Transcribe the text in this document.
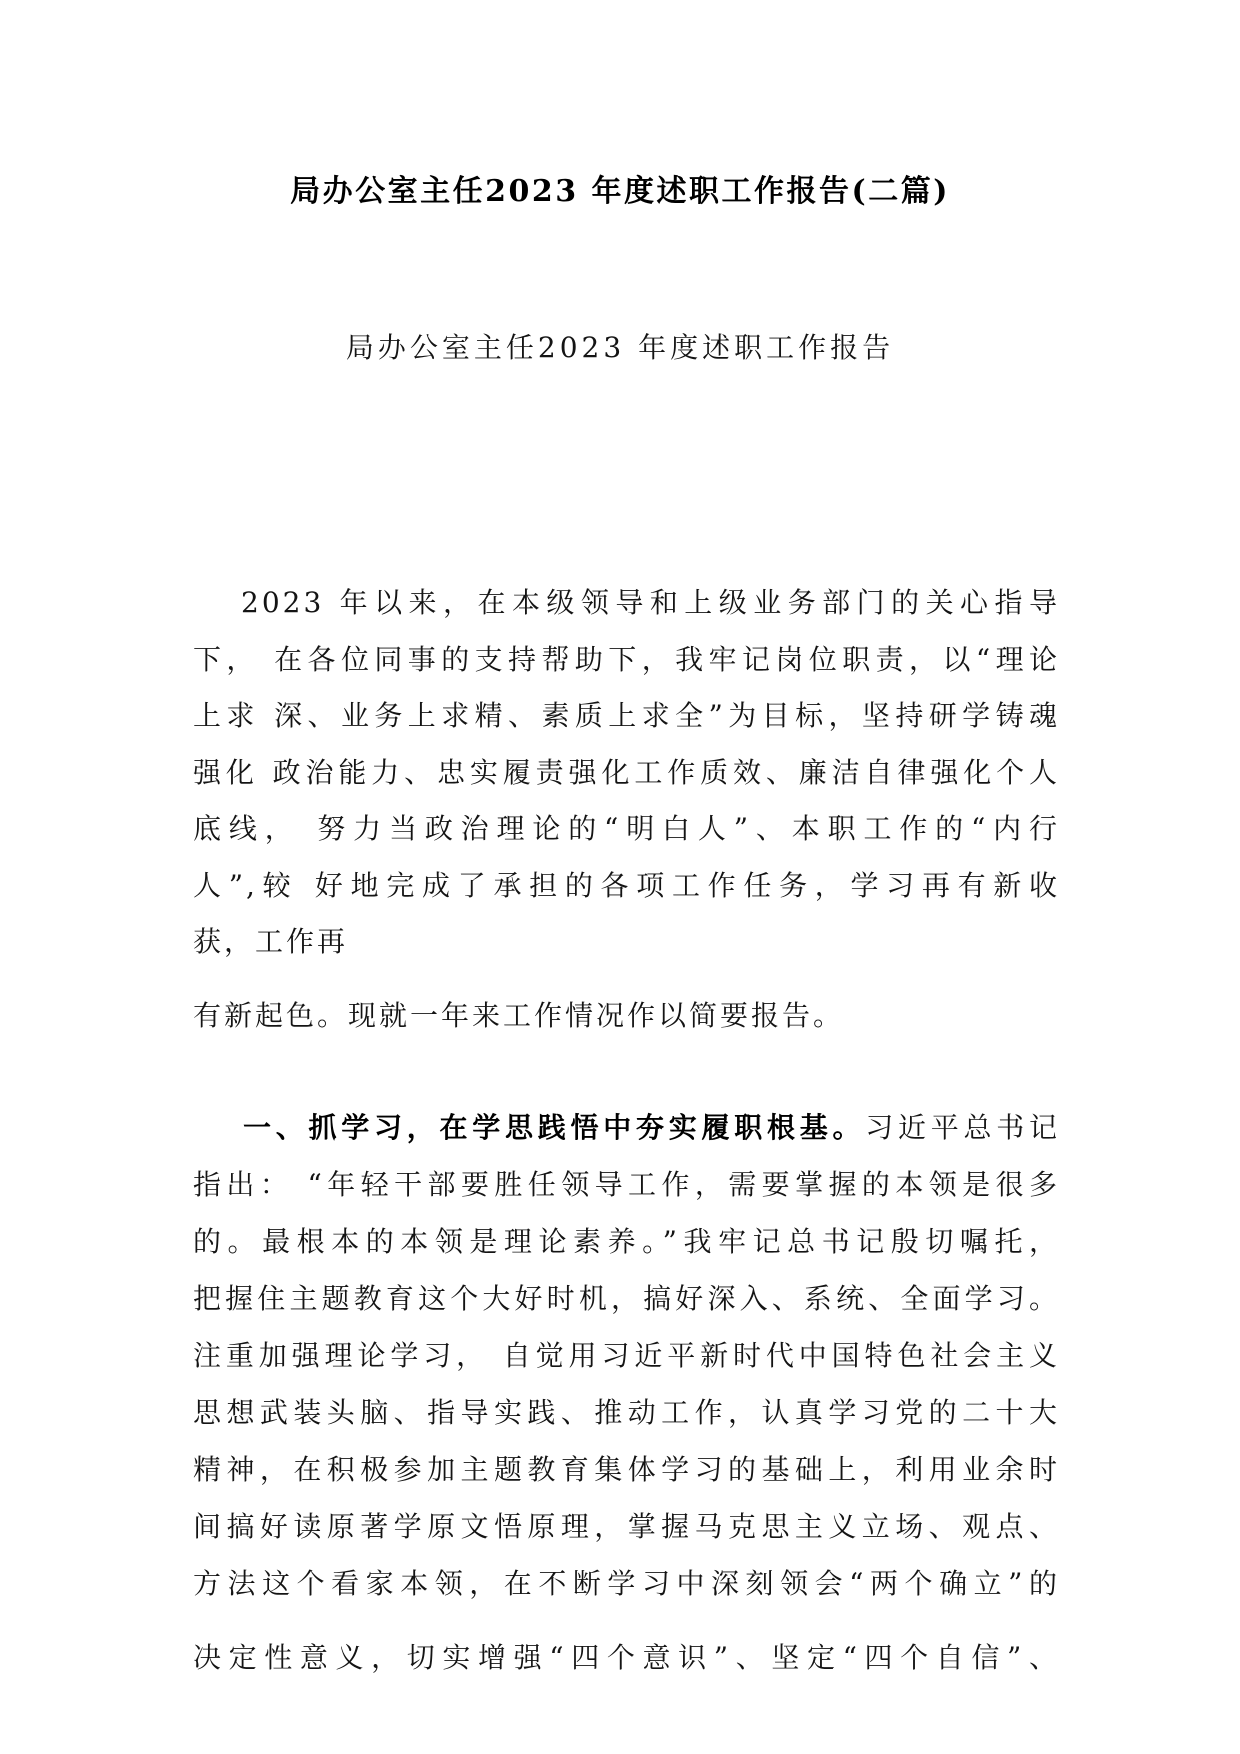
局办公室主任2023 年度述职工作报告(二篇)
局办公室主任2023 年度述职工作报告
2023 年以来，在本级领导和上级业务部门的关心指导
下， 在各位同事的支持帮助下，我牢记岗位职责，以“理论
上求 深、业务上求精、素质上求全”为目标，坚持研学铸魂
强化 政治能力、忠实履责强化工作质效、廉洁自律强化个人
底线， 努力当政治理论的“明白人”、本职工作的“内行
人”,较 好地完成了承担的各项工作任务，学习再有新收
获，工作再
有新起色。现就一年来工作情况作以简要报告。
一、抓学习，在学思践悟中夯实履职根基。习近平总书记
指出： “年轻干部要胜任领导工作，需要掌握的本领是很多
的。最根本的本领是理论素养。”我牢记总书记殷切嘱托，
把握住主题教育这个大好时机，搞好深入、系统、全面学习。
注重加强理论学习， 自觉用习近平新时代中国特色社会主义
思想武装头脑、指导实践、推动工作，认真学习党的二十大
精神，在积极参加主题教育集体学习的基础上，利用业余时
间搞好读原著学原文悟原理，掌握马克思主义立场、观点、
方法这个看家本领，在不断学习中深刻领会“两个确立”的
决定性意义，切实增强“四个意识”、坚定“四个自信”、
